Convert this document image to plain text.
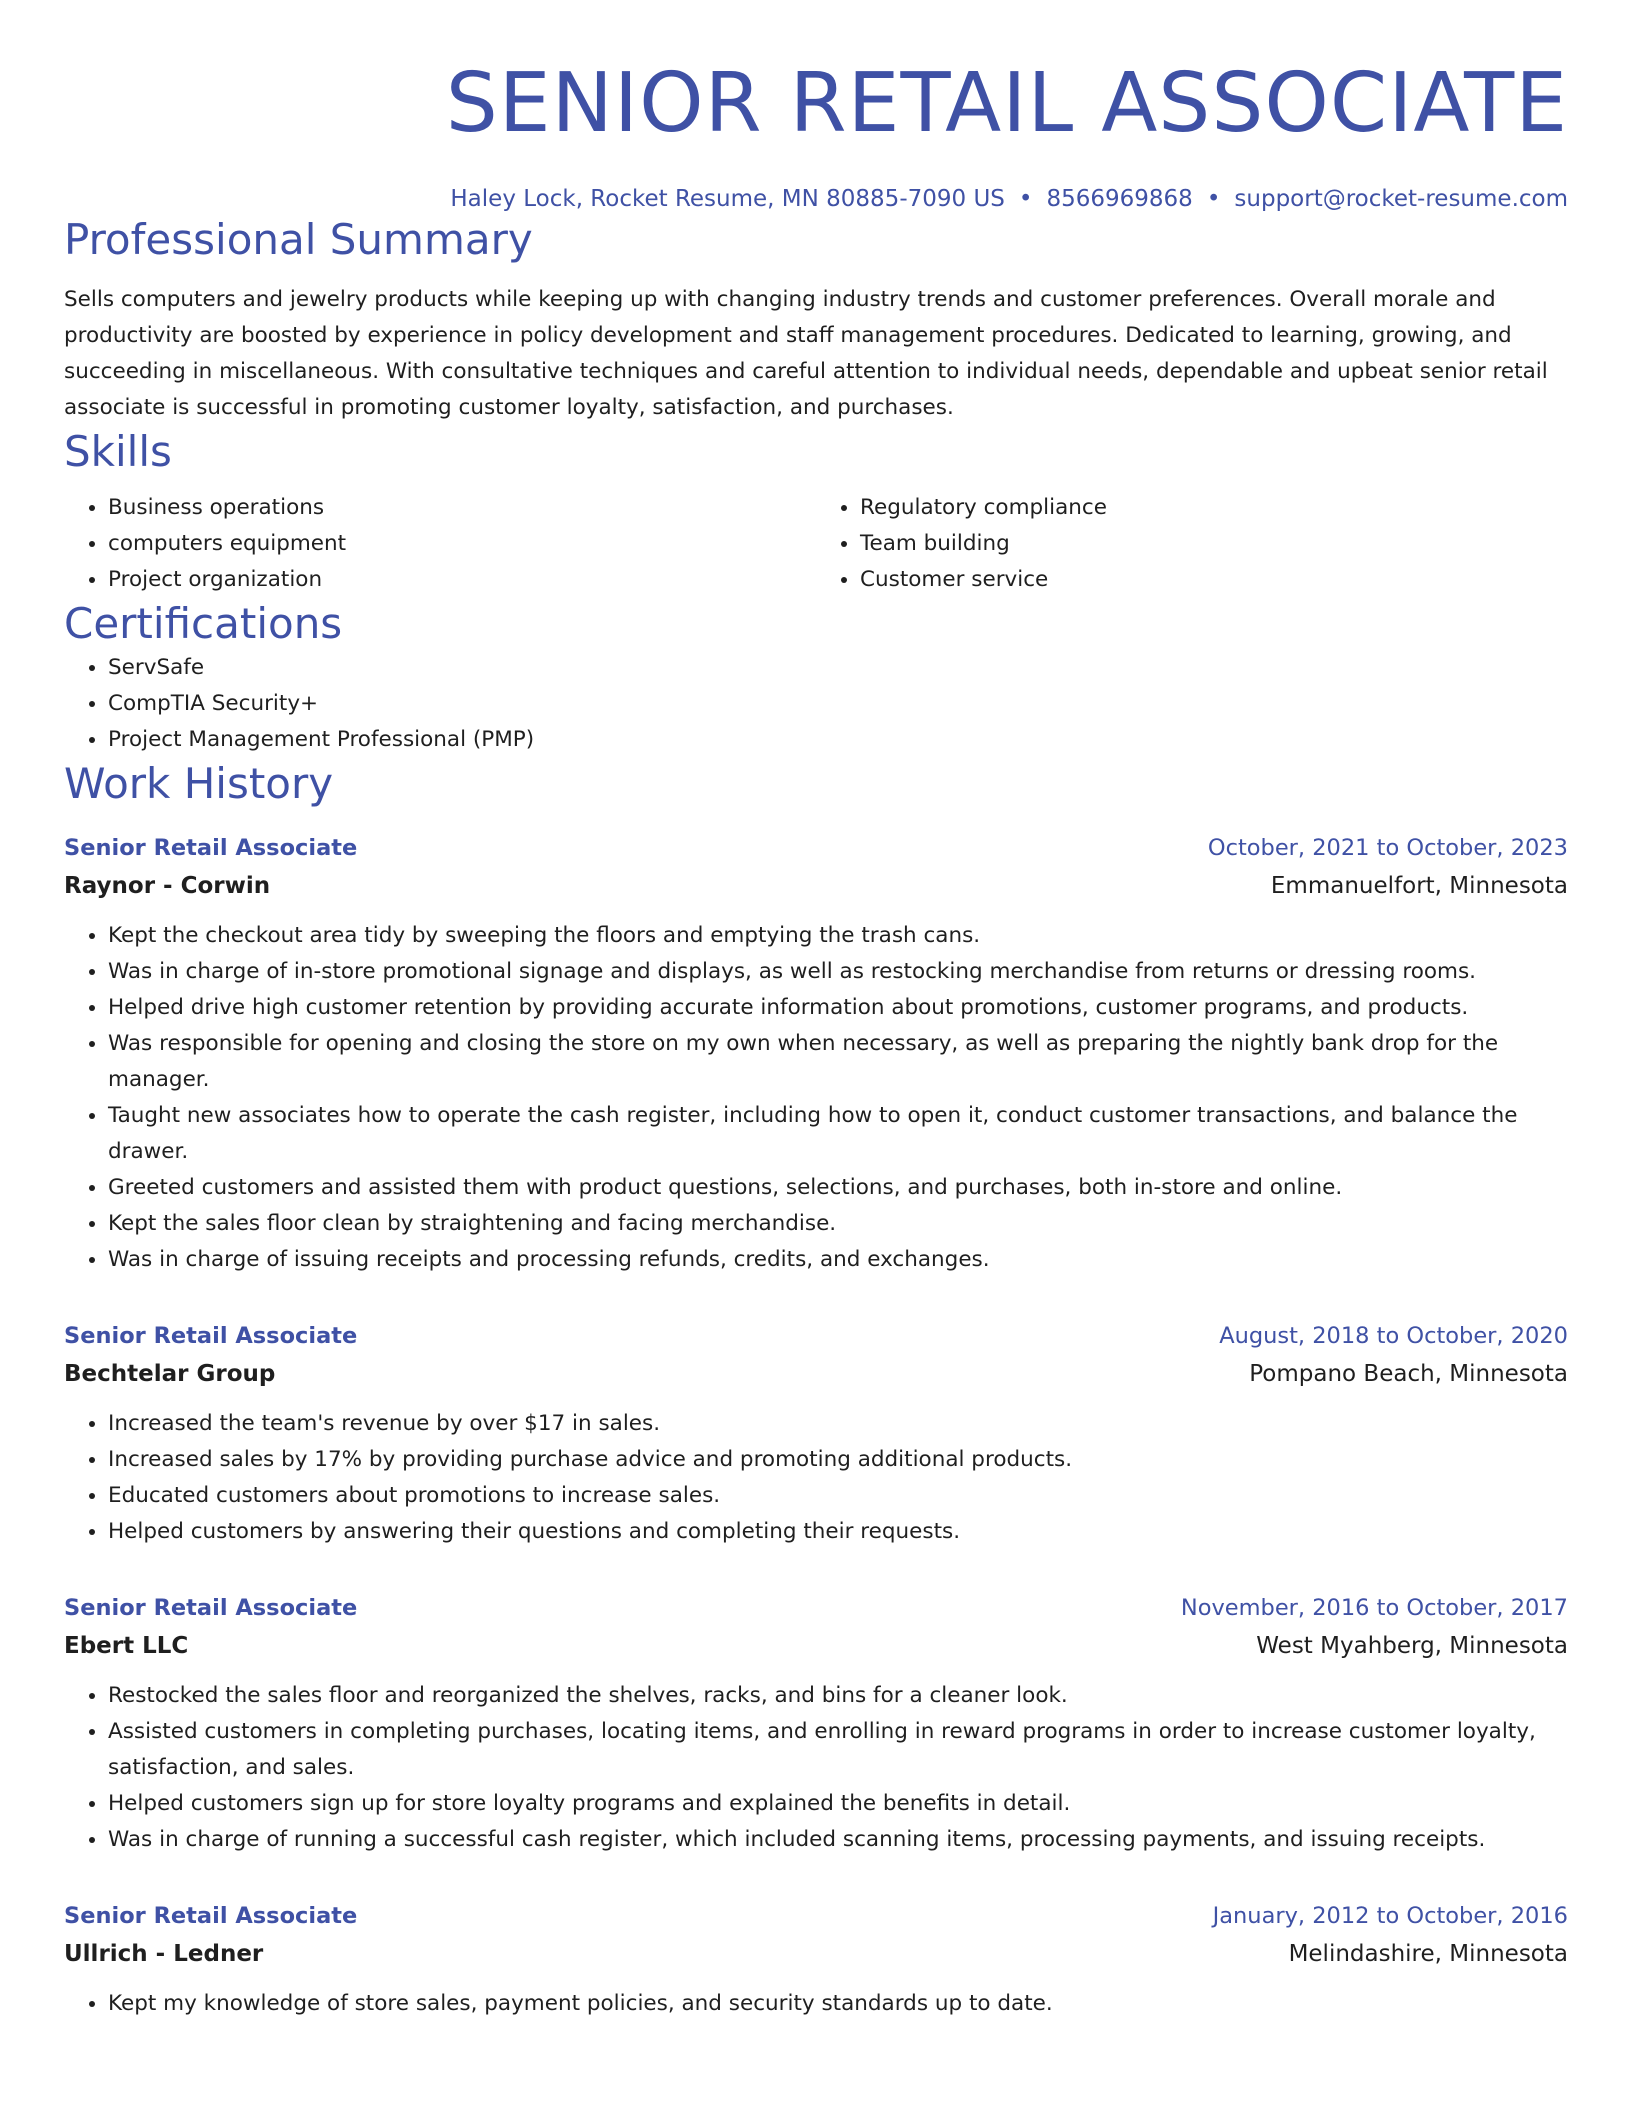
SENIOR RETAIL ASSOCIATE
Haley Lock, Rocket Resume, MN 80885-7090 US • 8566969868 • support@rocket-resume.com
Professional Summary

Sells computers and jewelry products while keeping up with changing industry trends and customer preferences. Overall morale and productivity are boosted by experience in policy development and staff management procedures. Dedicated to learning, growing, and succeeding in miscellaneous. With consultative techniques and careful attention to individual needs, dependable and upbeat senior retail associate is successful in promoting customer loyalty, satisfaction, and purchases.

Skills
• Business operations
• computers equipment
• Project organization
• Regulatory compliance
• Team building
• Customer service
Certifications
• ServSafe
• CompTIA Security+
• Project Management Professional (PMP)
Work History
Senior Retail Associate	October, 2021 to October, 2023
Raynor - Corwin	Emmanuelfort, Minnesota
• Kept the checkout area tidy by sweeping the floors and emptying the trash cans.
• Was in charge of in-store promotional signage and displays, as well as restocking merchandise from returns or dressing rooms.
• Helped drive high customer retention by providing accurate information about promotions, customer programs, and products.
• Was responsible for opening and closing the store on my own when necessary, as well as preparing the nightly bank drop for the manager.
• Taught new associates how to operate the cash register, including how to open it, conduct customer transactions, and balance the drawer.
• Greeted customers and assisted them with product questions, selections, and purchases, both in-store and online.
• Kept the sales floor clean by straightening and facing merchandise.
• Was in charge of issuing receipts and processing refunds, credits, and exchanges.
Senior Retail Associate	August, 2018 to October, 2020
Bechtelar Group	Pompano Beach, Minnesota
• Increased the team's revenue by over $17 in sales.
• Increased sales by 17% by providing purchase advice and promoting additional products.
• Educated customers about promotions to increase sales.
• Helped customers by answering their questions and completing their requests.
Senior Retail Associate	November, 2016 to October, 2017
Ebert LLC	West Myahberg, Minnesota
• Restocked the sales floor and reorganized the shelves, racks, and bins for a cleaner look.
• Assisted customers in completing purchases, locating items, and enrolling in reward programs in order to increase customer loyalty, satisfaction, and sales.
• Helped customers sign up for store loyalty programs and explained the benefits in detail.
• Was in charge of running a successful cash register, which included scanning items, processing payments, and issuing receipts.
Senior Retail Associate	January, 2012 to October, 2016
Ullrich - Ledner	Melindashire, Minnesota
• Kept my knowledge of store sales, payment policies, and security standards up to date.
